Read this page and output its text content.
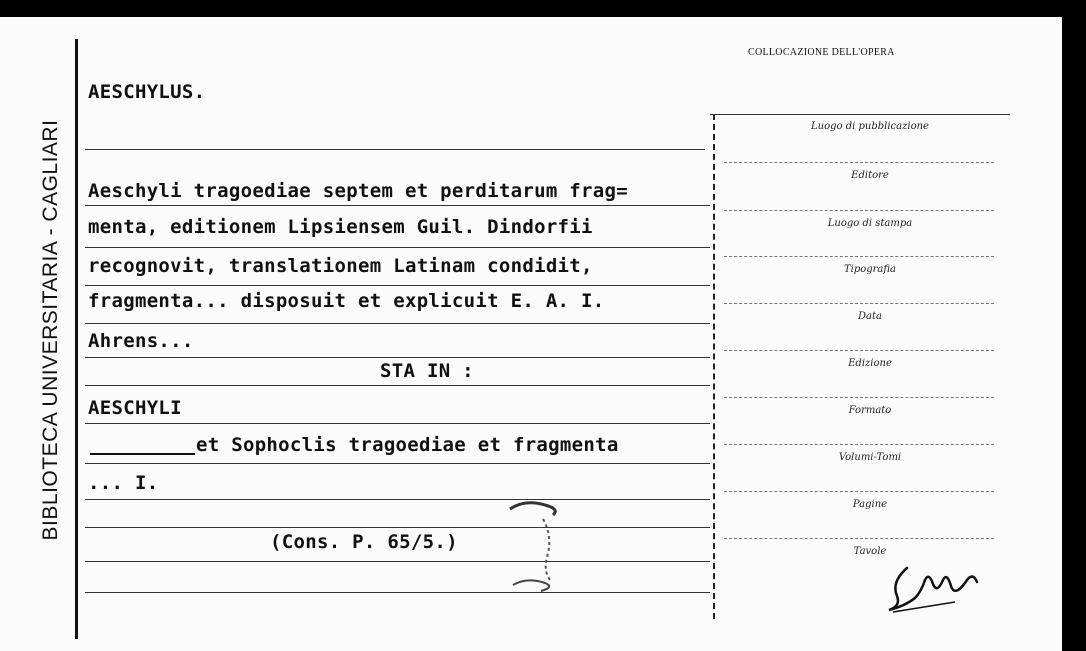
BIBLIOTECA UNIVERSITARIA - CAGLIARI
COLLOCAZIONE DELL'OPERA
AESCHYLUS.
Aeschyli tragoediae septem et perditarum frag=
menta, editionem Lipsiensem Guil. Dindorfii
recognovit, translationem Latinam condidit,
fragmenta... disposuit et explicuit E. A. I.
Ahrens...
STA IN :
AESCHYLI
et Sophoclis tragoediae et fragmenta
... I.
(Cons. P. 65/5.)
Luogo di pubblicazione
Editore
Luogo di stampa
Tipografia
Data
Edizione
Formato
Volumi-Tomi
Pagine
Tavole
